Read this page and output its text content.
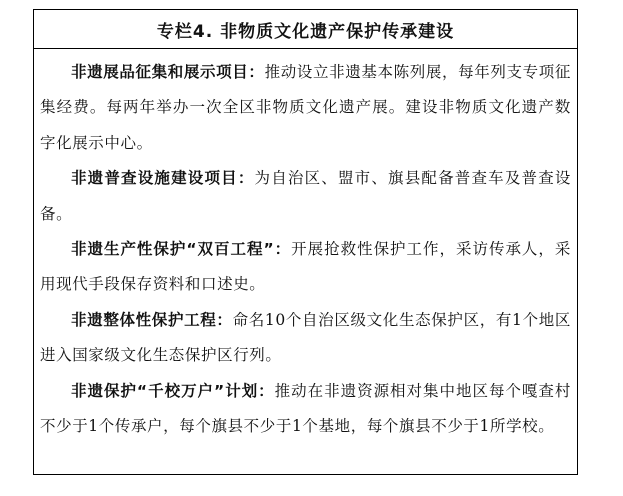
专栏4. 非物质文化遗产保护传承建设

非遗展品征集和展示项目：推动设立非遗基本陈列展，每年列支专项征集经费。每两年举办一次全区非物质文化遗产展。建设非物质文化遗产数字化展示中心。

非遗普查设施建设项目：为自治区、盟市、旗县配备普查车及普查设备。

非遗生产性保护“双百工程”：开展抢救性保护工作，采访传承人，采用现代手段保存资料和口述史。

非遗整体性保护工程：命名10个自治区级文化生态保护区，有1个地区进入国家级文化生态保护区行列。

非遗保护“千校万户”计划：推动在非遗资源相对集中地区每个嘎查村不少于1个传承户，每个旗县不少于1个基地，每个旗县不少于1所学校。
